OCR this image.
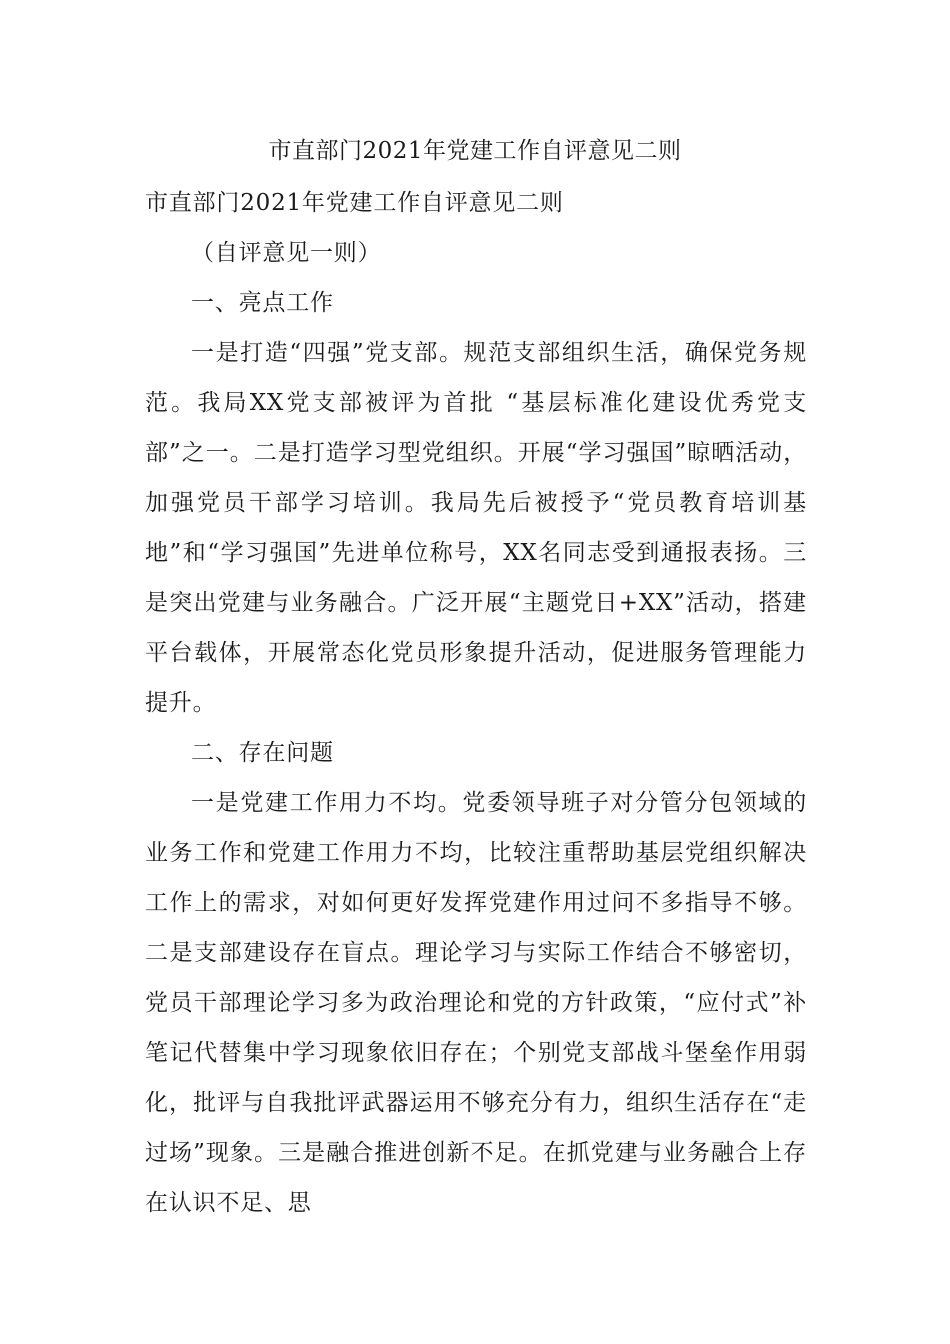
市直部门2021年党建工作自评意见二则

市直部门2021年党建工作自评意见二则

（自评意见一则）

一、亮点工作

一是打造“四强”党支部。规范支部组织生活，确保党务规范。我局XX党支部被评为首批 “基层标准化建设优秀党支部”之一。二是打造学习型党组织。开展“学习强国”晾晒活动，加强党员干部学习培训。我局先后被授予“党员教育培训基地”和“学习强国”先进单位称号，XX名同志受到通报表扬。三是突出党建与业务融合。广泛开展“主题党日+XX”活动，搭建平台载体，开展常态化党员形象提升活动，促进服务管理能力提升。

二、存在问题

一是党建工作用力不均。党委领导班子对分管分包领域的业务工作和党建工作用力不均，比较注重帮助基层党组织解决工作上的需求，对如何更好发挥党建作用过问不多指导不够。二是支部建设存在盲点。理论学习与实际工作结合不够密切，党员干部理论学习多为政治理论和党的方针政策，“应付式”补笔记代替集中学习现象依旧存在；个别党支部战斗堡垒作用弱化，批评与自我批评武器运用不够充分有力，组织生活存在“走过场”现象。三是融合推进创新不足。在抓党建与业务融合上存在认识不足、思
